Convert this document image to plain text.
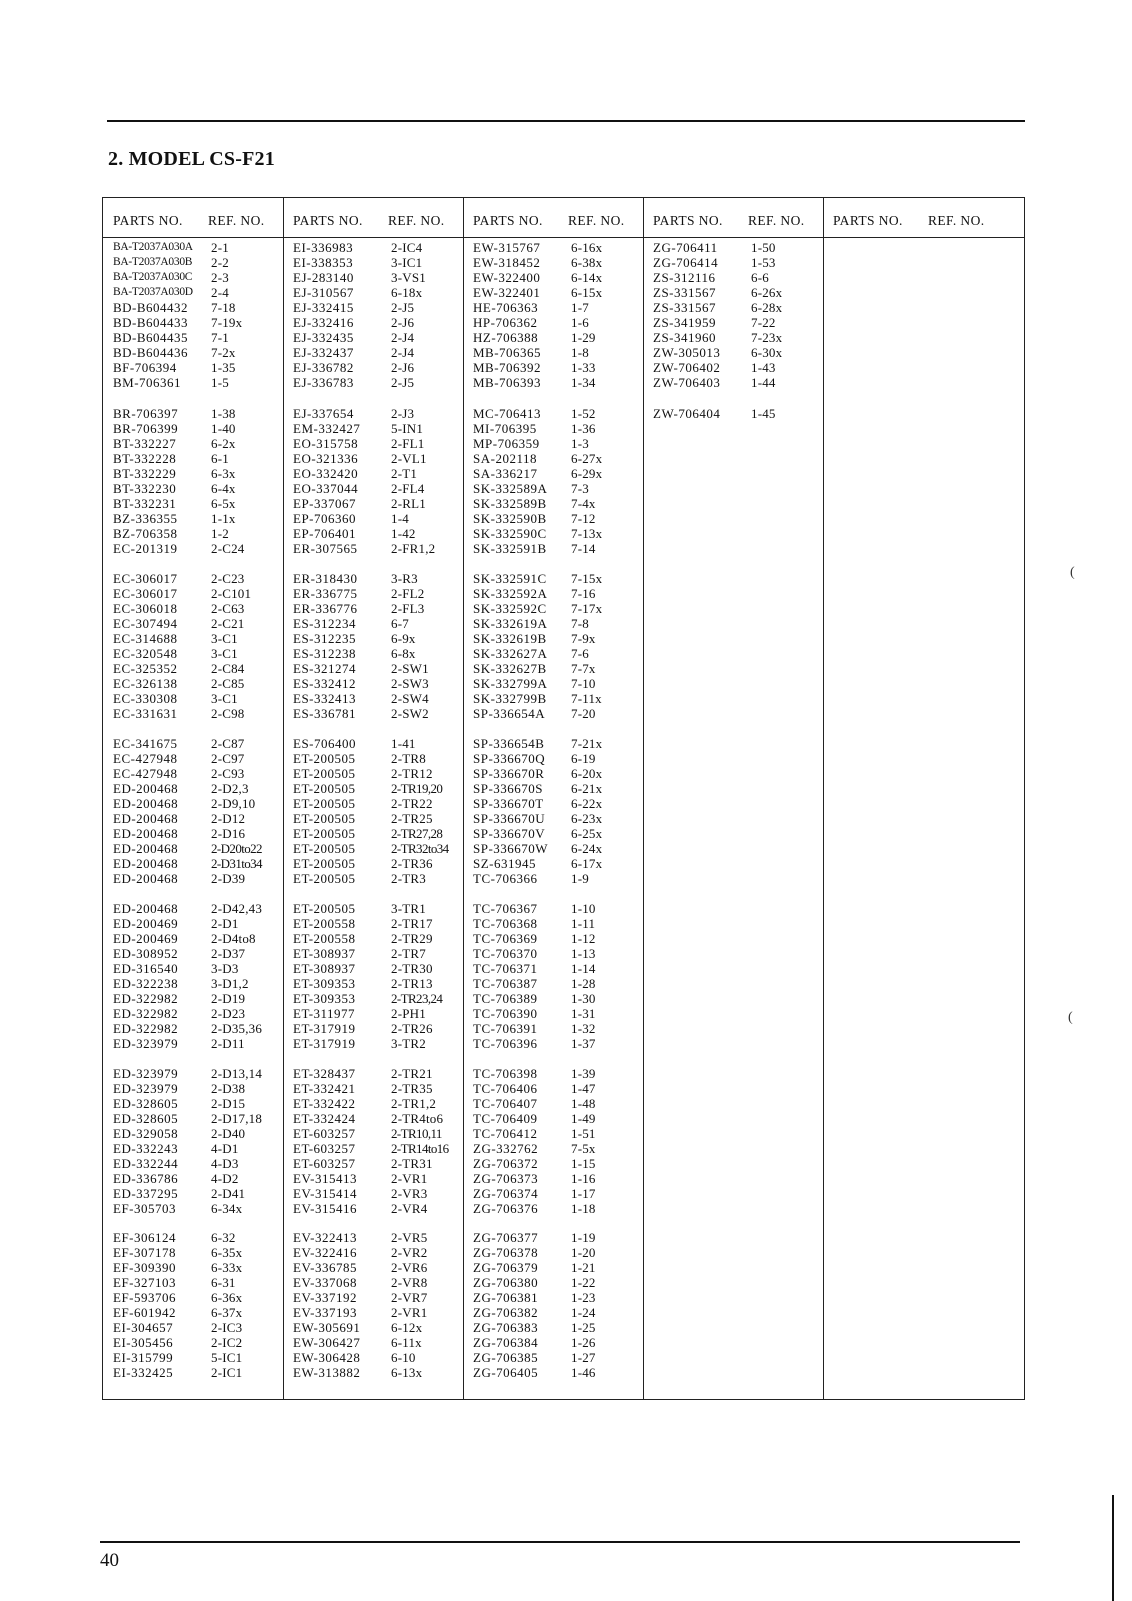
2. MODEL CS-F21
PARTS NO. REF. NO. PARTS NO. REF. NO. PARTS NO. REF. NO. PARTS NO. REF. NO. PARTS NO. REF. NO.
BA-T2037A030A 2-1
BA-T2037A030B 2-2
BA-T2037A030C 2-3
BA-T2037A030D 2-4
BD-B604432 7-18
BD-B604433 7-19x
BD-B604435 7-1
BD-B604436 7-2x
BF-706394	1-35
BM-706361 1-5
BR-706397	1-38
BR-706399	1-40
BT-332227	6-2x
BT-332228	6-1
BT-332229	6-3x
BT-332230	6-4x
BT-332231	6-5x
BZ-336355	1-1x
BZ-706358	1-2
EC-201319	2-C24
EC-306017	2-C23
EC-306017	2-C101
EC-306018	2-C63
EC-307494	2-C21
EC-314688	3-C1
EC-320548	3-C1
EC-325352	2-C84
EC-326138	2-C85
EC-330308	3-C1
EC-331631	2-C98
EC-341675	2-C87
EC-427948	2-C97
EC-427948	2-C93
ED-200468	2-D2,3
ED-200468	2-D9,10
ED-200468	2-D12
ED-200468	2-D16
ED-200468	2-D20to22
ED-200468	2-D31to34
ED-200468	2-D39
ED-200468	2-D42,43
ED-200469	2-D1
ED-200469	2-D4to8
ED-308952	2-D37
ED-316540	3-D3
ED-322238	3-D1,2
ED-322982	2-D19
ED-322982	2-D23
ED-322982	2-D35,36
ED-323979	2-D11
ED-323979	2-D13,14
ED-323979	2-D38
ED-328605	2-D15
ED-328605	2-D17,18
ED-329058	2-D40
ED-332243	4-D1
ED-332244	4-D3
ED-336786	4-D2
ED-337295	2-D41
EF-305703	6-34x
EF-306124	6-32
EF-307178	6-35x
EF-309390	6-33x
EF-327103	6-31
EF-593706	6-36x
EF-601942	6-37x
EI-304657	2-IC3
EI-305456	2-IC2
EI-315799	5-IC1
EI-332425	2-IC1
EI-336983	2-IC4
EI-338353	3-IC1
EJ-283140	3-VS1
EJ-310567	6-18x
EJ-332415	2-J5
EJ-332416	2-J6
EJ-332435	2-J4
EJ-332437	2-J4
EJ-336782	2-J6
EJ-336783	2-J5
EJ-337654	2-J3
EM-332427 5-IN1
EO-315758	2-FL1
EO-321336	2-VL1
EO-332420	2-T1
EO-337044	2-FL4
EP-337067	2-RL1
EP-706360	1-4
EP-706401	1-42
ER-307565	2-FR1,2
ER-318430	3-R3
ER-336775	2-FL2
ER-336776	2-FL3
ES-312234	6-7
ES-312235	6-9x
ES-312238	6-8x
ES-321274	2-SW1
ES-332412	2-SW3
ES-332413	2-SW4
ES-336781	2-SW2
ES-706400	1-41
ET-200505	2-TR8
ET-200505	2-TR12
ET-200505	2-TR19,20
ET-200505	2-TR22
ET-200505	2-TR25
ET-200505	2-TR27,28
ET-200505	2-TR32to34
ET-200505	2-TR36
ET-200505	2-TR3
ET-200505	3-TR1
ET-200558	2-TR17
ET-200558	2-TR29
ET-308937	2-TR7
ET-308937	2-TR30
ET-309353	2-TR13
ET-309353	2-TR23,24
ET-311977	2-PH1
ET-317919	2-TR26
ET-317919	3-TR2
ET-328437	2-TR21
ET-332421	2-TR35
ET-332422	2-TR1,2
ET-332424	2-TR4to6
ET-603257	2-TR10,11
ET-603257	2-TR14to16
ET-603257	2-TR31
EV-315413	2-VR1
EV-315414	2-VR3
EV-315416	2-VR4
EV-322413	2-VR5
EV-322416	2-VR2
EV-336785	2-VR6
EV-337068	2-VR8
EV-337192	2-VR7
EV-337193	2-VR1
EW-305691 6-12x
EW-306427 6-11x
EW-306428 6-10
EW-313882 6-13x
EW-315767 6-16x
EW-318452 6-38x
EW-322400 6-14x
EW-322401 6-15x
HE-706363	1-7
HP-706362	1-6
HZ-706388	1-29
MB-706365 1-8
MB-706392 1-33
MB-706393 1-34
MC-706413 1-52
MI-706395	1-36
MP-706359 1-3
SA-202118	6-27x
SA-336217	6-29x
SK-332589A 7-3
SK-332589B 7-4x
SK-332590B 7-12
SK-332590C 7-13x
SK-332591B 7-14
SK-332591C 7-15x
SK-332592A 7-16
SK-332592C 7-17x
SK-332619A 7-8
SK-332619B 7-9x
SK-332627A 7-6
SK-332627B 7-7x
SK-332799A 7-10
SK-332799B 7-11x
SP-336654A 7-20
SP-336654B 7-21x
SP-336670Q 6-19
SP-336670R 6-20x
SP-336670S 6-21x
SP-336670T 6-22x
SP-336670U 6-23x
SP-336670V 6-25x
SP-336670W 6-24x
SZ-631945	6-17x
TC-706366	1-9
TC-706367	1-10
TC-706368	1-11
TC-706369	1-12
TC-706370	1-13
TC-706371	1-14
TC-706387	1-28
TC-706389	1-30
TC-706390	1-31
TC-706391	1-32
TC-706396	1-37
TC-706398	1-39
TC-706406	1-47
TC-706407	1-48
TC-706409	1-49
TC-706412	1-51
ZG-332762	7-5x
ZG-706372	1-15
ZG-706373	1-16
ZG-706374	1-17
ZG-706376	1-18
ZG-706377	1-19
ZG-706378	1-20
ZG-706379	1-21
ZG-706380	1-22
ZG-706381	1-23
ZG-706382	1-24
ZG-706383	1-25
ZG-706384	1-26
ZG-706385	1-27
ZG-706405	1-46
ZG-706411	1-50
ZG-706414	1-53
ZS-312116	6-6
ZS-331567	6-26x
ZS-331567	6-28x
ZS-341959	7-22
ZS-341960	7-23x
ZW-305013 6-30x
ZW-706402 1-43
ZW-706403 1-44
ZW-706404 1-45
(
(
40
